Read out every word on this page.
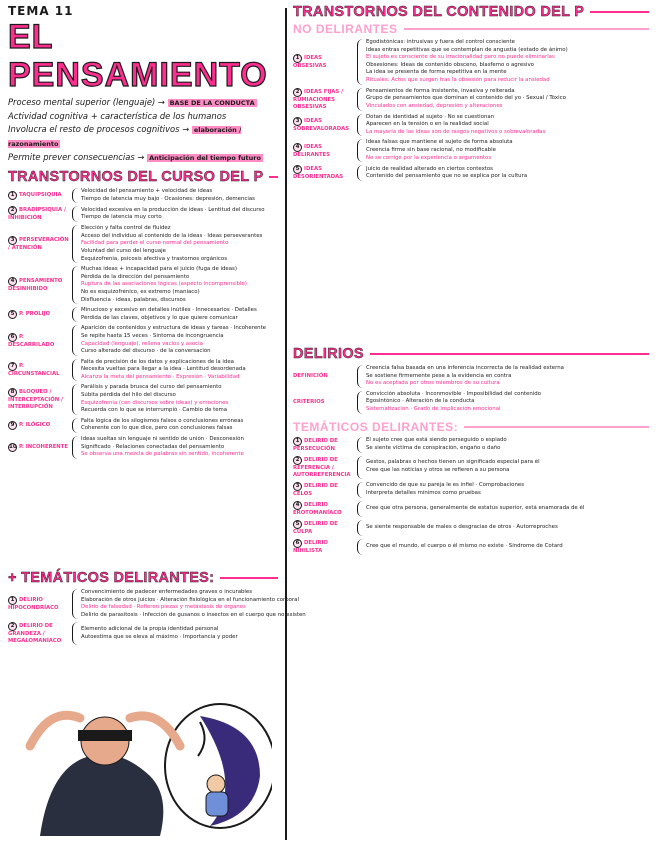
TEMA 11
EL PENSAMIENTO
Proceso mental superior (lenguaje) → BASE DE LA CONDUCTA
Actividad cognitiva + característica de los humanos
Involucra el resto de procesos cognitivos → elaboración / razonamiento
Permite prever consecuencias → Anticipación del tiempo futuro
TRANSTORNOS DEL CURSO DEL P
1 TAQUIPSIQUIA
Velocidad del pensamiento + velocidad de ideas
Tiempo de latencia muy bajo · Ocasiones: depresión, demencias
2 BRADIPSIQUIA / INHIBICIÓN
Velocidad excesiva en la producción de ideas · Lentitud del discurso
Tiempo de latencia muy corto
3 PERSEVERACIÓN / ATENCIÓN
Elección y falta control de fluidez
Acceso del individuo al contenido de la ideas · Ideas perseverantes
Facilidad para perder el curso normal del pensamiento
Voluntad del curso del lenguaje
Esquizofrenia, psicosis afectiva y trastornos orgánicos
4 PENSAMIENTO DESINHIBIDO
Muchas ideas + incapacidad para el juicio (fuga de ideas)
Pérdida de la dirección del pensamiento
Ruptura de las asociaciones lógicas (aspecto incomprensible)
No es esquizofrénico, es extremo (maníaco)
Disfluencia · ideas, palabras, discursos
5 P. PROLIJO
Minucioso y excesivo en detalles inútiles · Innecesarios · Detalles
Pérdida de las claves, objetivos y lo que quiere comunicar
6 P. DESCARRILADO
Aparición de contenidos y estructura de ideas y tareas · Incoherente
Se repite hasta 15 veces · Síntoma de incongruencia
Capacidad (lenguaje), rellena vacíos y asocia
Curso alterado del discurso · de la conversación
7 P. CIRCUNSTANCIAL
Falta de precisión de los datos y explicaciones de la idea
Necesita vueltas para llegar a la idea · Lentitud desordenada
Alcanza la meta del pensamiento · Expresión · Variabilidad
8 BLOQUEO / INTERCEPTACIÓN / INTERRUPCIÓN
Parálisis y parada brusca del curso del pensamiento
Súbita pérdida del hilo del discurso
Esquizofrenia (con discursos sobre ideas) y emociones
Recuerda con lo que se interrumpió · Cambio de tema
9 P. ILÓGICO
Falta lógica de los silogismos falsos o conclusiones erróneas
Coherente con lo que dice, pero con conclusiones falsas
10 P. INCOHERENTE
Ideas sueltas sin lenguaje ni sentido de unión · Desconexión
Significado · Relaciones conectadas del pensamiento
Se observa una mezcla de palabras sin sentido, incoherente
+ TEMÁTICOS DELIRANTES:
1 DELIRIO HIPOCONDRÍACO
Convencimiento de padecer enfermedades graves o incurables
Elaboración de otros juicios · Alteración fisiológica en el funcionamiento corporal
Delirio de falsedad · Refieren piezas y metástasis de órganos
Delirio de parasitosis · Infección de gusanos o insectos en el cuerpo que no existen
2 DELIRIO DE GRANDEZA / MEGALOMANÍACO
Elemento adicional de la propia identidad personal
Autoestima que se eleva al máximo · Importancia y poder
TRANSTORNOS DEL CONTENIDO DEL P
NO DELIRANTES
1 IDEAS OBSESIVAS
Egodistónicas: intrusivas y fuera del control consciente
Ideas entras repetitivas que se contemplan de angustia (estado de ánimo)
El sujeto es consciente de su irracionalidad pero no puede eliminarlas
Obsesiones: Ideas de contenido obsceno, blasfemo o agresivo
La idea se presenta de forma repetitiva en la mente
Rituales: Actos que surgen tras la obsesión para reducir la ansiedad
2 IDEAS FIJAS / RUMIACIONES OBSESIVAS
Pensamientos de forma insistente, invasiva y reiterada
Grupo de pensamientos que dominan el contenido del yo · Sexual / Tóxico
Vinculados con ansiedad, depresión y alteraciones
3 IDEAS SOBREVALORADAS
Dotan de identidad al sujeto · No se cuestionan
Aparecen en la tensión o en la realidad social
La mayoría de las ideas son de rasgos negativos o sobrevaloradas
4 IDEAS DELIRANTES
Ideas falsas que mantiene el sujeto de forma absoluta
Creencia firme sin base racional, no modificable
No se corrige por la experiencia o argumentos
5 IDEAS DESORIENTADAS
Juicio de realidad alterado en ciertos contextos
Contenido del pensamiento que no se explica por la cultura
DELIRIOS
DEFINICIÓN
Creencia falsa basada en una inferencia incorrecta de la realidad externa
Se sostiene firmemente pese a la evidencia en contra
No es aceptada por otros miembros de su cultura
CRITERIOS
Convicción absoluta · Inconmovible · Imposibilidad del contenido
Egosintónico · Alteración de la conducta
Sistematización · Grado de implicación emocional
TEMÁTICOS DELIRANTES:
1 DELIRIO DE PERSECUCIÓN
El sujeto cree que está siendo perseguido o espiado
Se siente víctima de conspiración, engaño o daño
2 DELIRIO DE REFERENCIA / AUTORREFERENCIA
Gestos, palabras o hechos tienen un significado especial para él
Cree que las noticias y otros se refieren a su persona
3 DELIRIO DE CELOS
Convencido de que su pareja le es infiel · Comprobaciones
Interpreta detalles mínimos como pruebas
4 DELIRIO EROTOMANÍACO
Cree que otra persona, generalmente de estatus superior, está enamorada de él
5 DELIRIO DE CULPA
Se siente responsable de males o desgracias de otros · Autorreproches
6 DELIRIO NIHILISTA
Cree que el mundo, el cuerpo o él mismo no existe · Síndrome de Cotard
